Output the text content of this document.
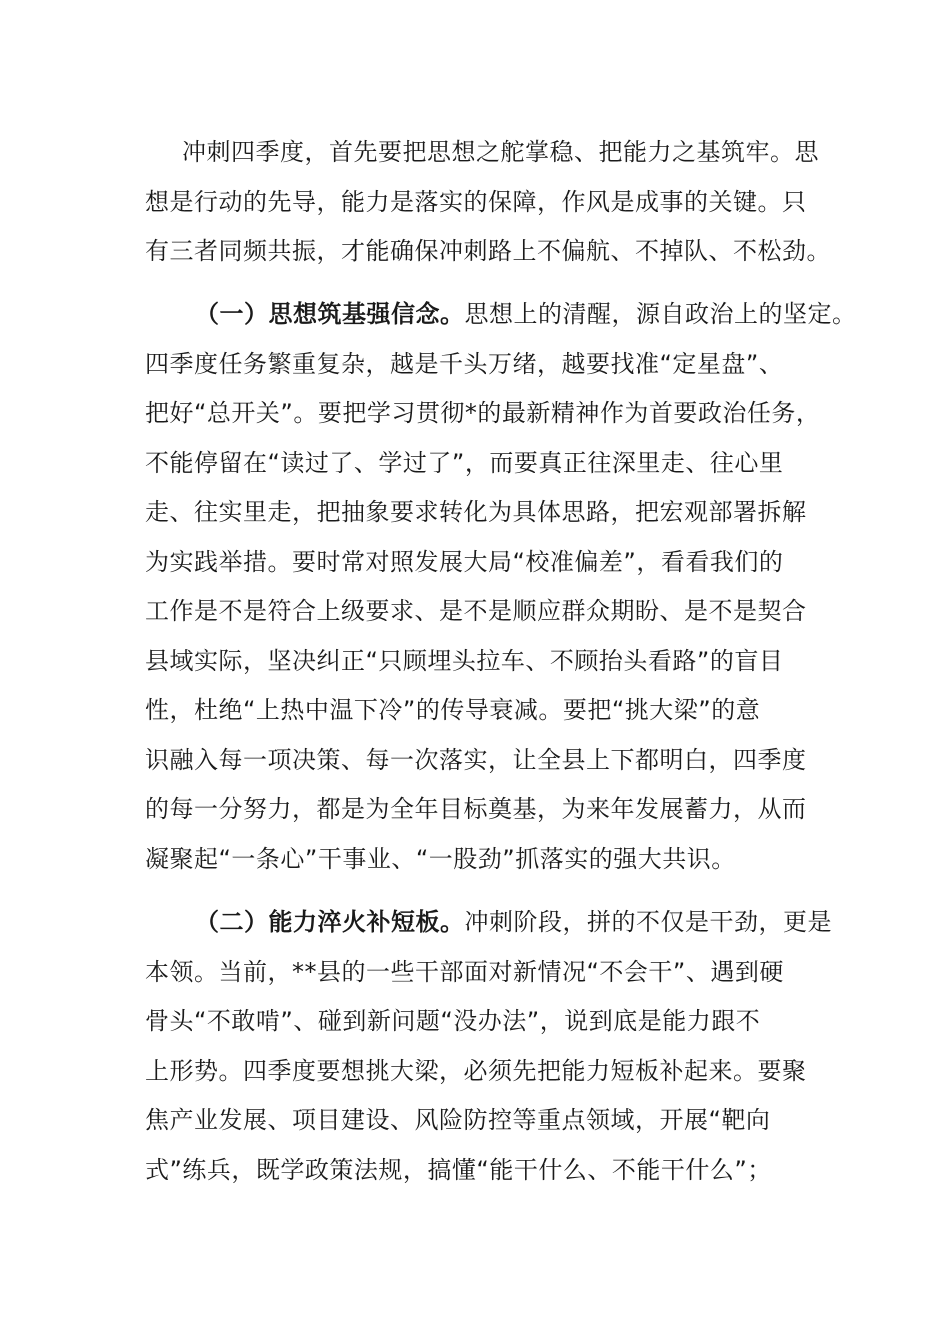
冲刺四季度，首先要把思想之舵掌稳、把能力之基筑牢。思
想是行动的先导，能力是落实的保障，作风是成事的关键。只
有三者同频共振，才能确保冲刺路上不偏航、不掉队、不松劲。

（一）思想筑基强信念。思想上的清醒，源自政治上的坚定。
四季度任务繁重复杂，越是千头万绪，越要找准“定星盘”、
把好“总开关”。要把学习贯彻*的最新精神作为首要政治任务，
不能停留在“读过了、学过了”，而要真正往深里走、往心里
走、往实里走，把抽象要求转化为具体思路，把宏观部署拆解
为实践举措。要时常对照发展大局“校准偏差”，看看我们的
工作是不是符合上级要求、是不是顺应群众期盼、是不是契合
县域实际，坚决纠正“只顾埋头拉车、不顾抬头看路”的盲目
性，杜绝“上热中温下冷”的传导衰减。要把“挑大梁”的意
识融入每一项决策、每一次落实，让全县上下都明白，四季度
的每一分努力，都是为全年目标奠基，为来年发展蓄力，从而
凝聚起“一条心”干事业、“一股劲”抓落实的强大共识。

（二）能力淬火补短板。冲刺阶段，拼的不仅是干劲，更是
本领。当前，**县的一些干部面对新情况“不会干”、遇到硬
骨头“不敢啃”、碰到新问题“没办法”，说到底是能力跟不
上形势。四季度要想挑大梁，必须先把能力短板补起来。要聚
焦产业发展、项目建设、风险防控等重点领域，开展“靶向
式”练兵，既学政策法规，搞懂“能干什么、不能干什么”；
